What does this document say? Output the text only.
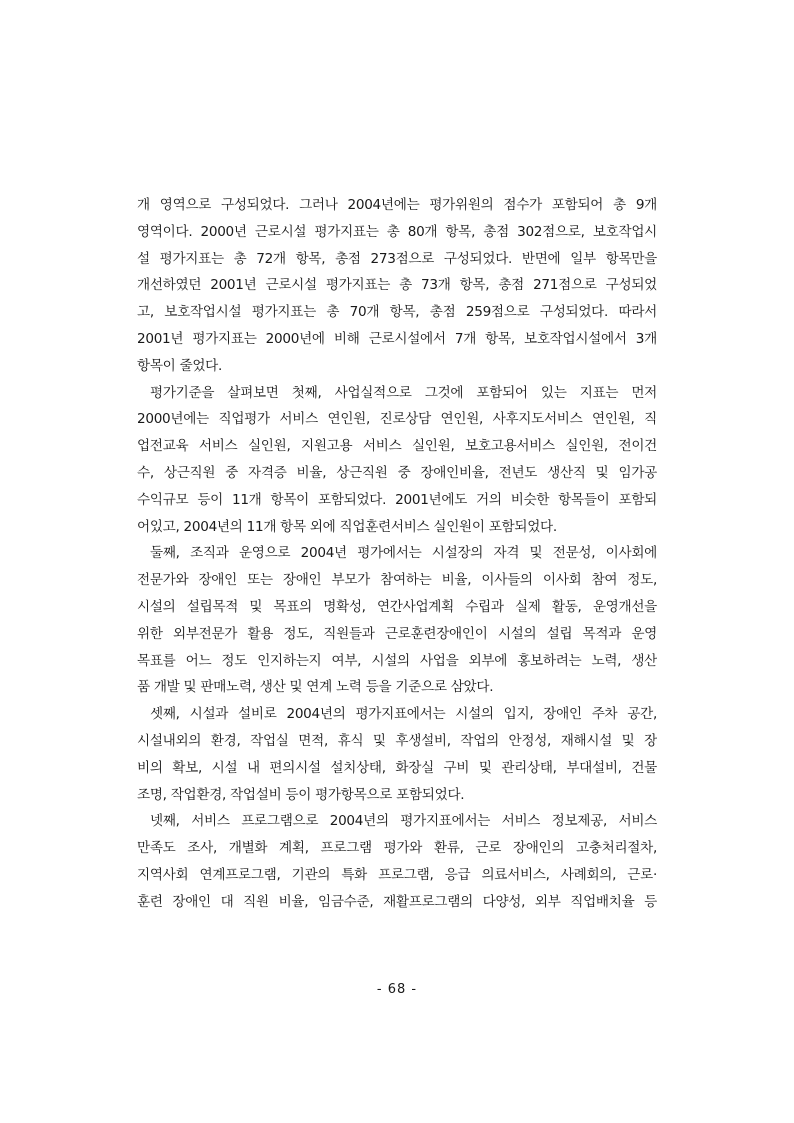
개 영역으로 구성되었다. 그러나 2004년에는 평가위원의 점수가 포함되어 총 9개
영역이다. 2000년 근로시설 평가지표는 총 80개 항목, 총점 302점으로, 보호작업시
설 평가지표는 총 72개 항목, 총점 273점으로 구성되었다. 반면에 일부 항목만을
개선하였던 2001년 근로시설 평가지표는 총 73개 항목, 총점 271점으로 구성되었
고, 보호작업시설 평가지표는 총 70개 항목, 총점 259점으로 구성되었다. 따라서
2001년 평가지표는 2000년에 비해 근로시설에서 7개 항목, 보호작업시설에서 3개
항목이 줄었다.

평가기준을 살펴보면 첫째, 사업실적으로 그것에 포함되어 있는 지표는 먼저
2000년에는 직업평가 서비스 연인원, 진로상담 연인원, 사후지도서비스 연인원, 직
업전교육 서비스 실인원, 지원고용 서비스 실인원, 보호고용서비스 실인원, 전이건
수, 상근직원 중 자격증 비율, 상근직원 중 장애인비율, 전년도 생산직 및 임가공
수익규모 등이 11개 항목이 포함되었다. 2001년에도 거의 비슷한 항목들이 포함되
어있고, 2004년의 11개 항목 외에 직업훈련서비스 실인원이 포함되었다.

둘째, 조직과 운영으로 2004년 평가에서는 시설장의 자격 및 전문성, 이사회에
전문가와 장애인 또는 장애인 부모가 참여하는 비율, 이사들의 이사회 참여 정도,
시설의 설립목적 및 목표의 명확성, 연간사업계획 수립과 실제 활동, 운영개선을
위한 외부전문가 활용 정도, 직원들과 근로훈련장애인이 시설의 설립 목적과 운영
목표를 어느 정도 인지하는지 여부, 시설의 사업을 외부에 홍보하려는 노력, 생산
품 개발 및 판매노력, 생산 및 연계 노력 등을 기준으로 삼았다.

셋째, 시설과 설비로 2004년의 평가지표에서는 시설의 입지, 장애인 주차 공간,
시설내외의 환경, 작업실 면적, 휴식 및 후생설비, 작업의 안정성, 재해시설 및 장
비의 확보, 시설 내 편의시설 설치상태, 화장실 구비 및 관리상태, 부대설비, 건물
조명, 작업환경, 작업설비 등이 평가항목으로 포함되었다.

넷째, 서비스 프로그램으로 2004년의 평가지표에서는 서비스 정보제공, 서비스
만족도 조사, 개별화 계획, 프로그램 평가와 환류, 근로 장애인의 고충처리절차,
지역사회 연계프로그램, 기관의 특화 프로그램, 응급 의료서비스, 사례회의, 근로·
훈련 장애인 대 직원 비율, 임금수준, 재활프로그램의 다양성, 외부 직업배치율 등

- 68 -
